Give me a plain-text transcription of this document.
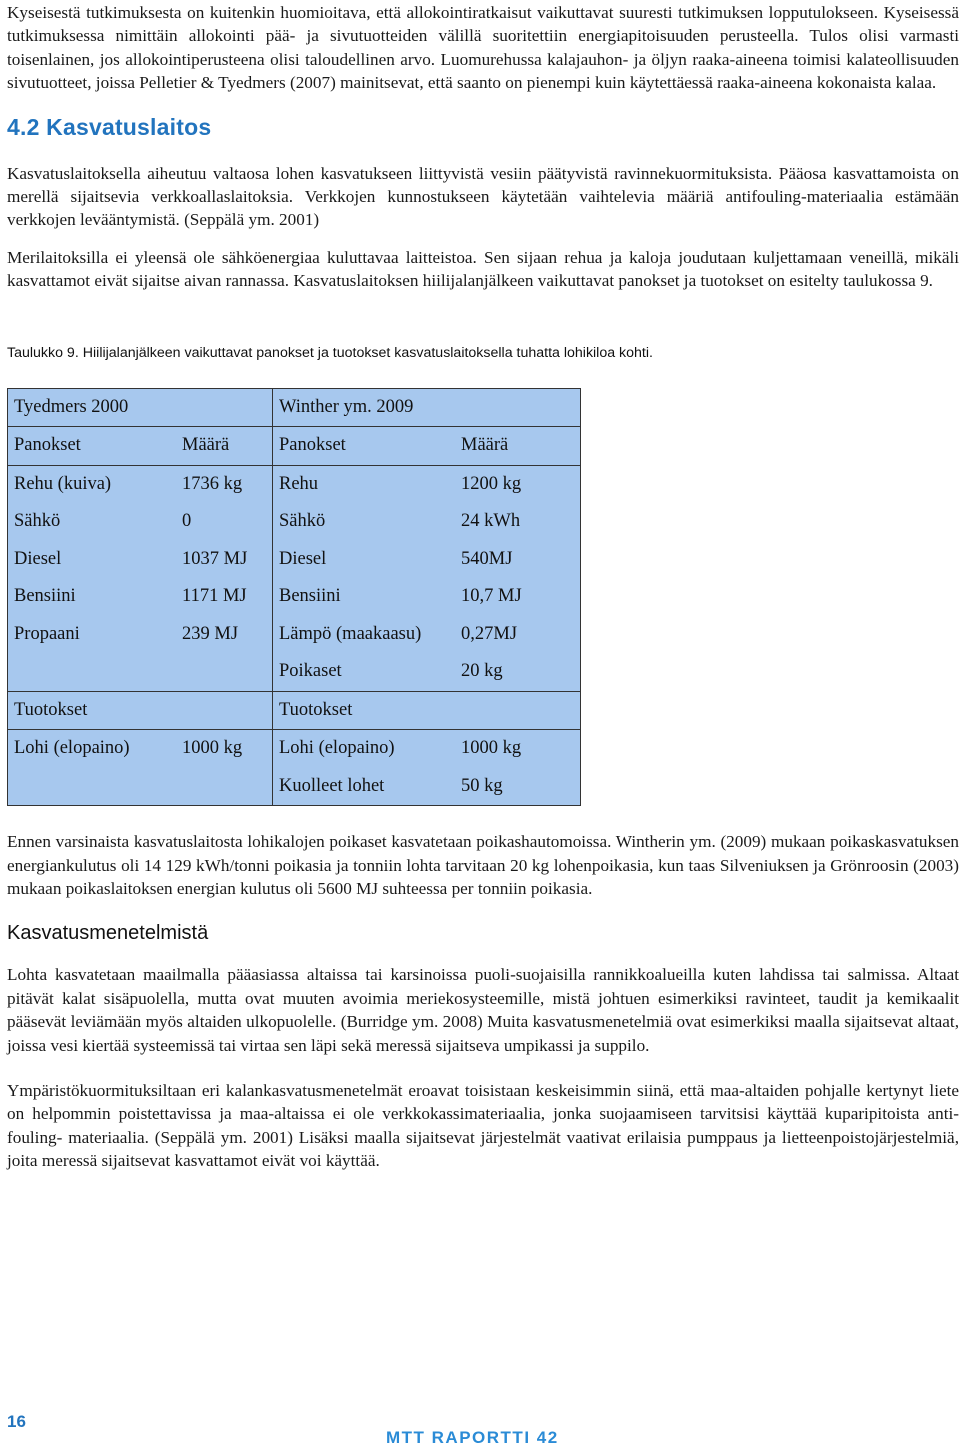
Kyseisestä tutkimuksesta on kuitenkin huomioitava, että allokointiratkaisut vaikuttavat suuresti tutkimuksen lopputulokseen. Kyseisessä tutkimuksessa nimittäin allokointi pää- ja sivutuotteiden välillä suoritettiin energiapitoisuuden perusteella. Tulos olisi varmasti toisenlainen, jos allokointiperusteena olisi taloudellinen arvo. Luomurehussa kalajauhon- ja öljyn raaka-aineena toimisi kalateollisuuden sivutuotteet, joissa Pelletier & Tyedmers (2007) mainitsevat, että saanto on pienempi kuin käytettäessä raaka-aineena kokonaista kalaa.

4.2 Kasvatuslaitos

Kasvatuslaitoksella aiheutuu valtaosa lohen kasvatukseen liittyvistä vesiin päätyvistä ravinnekuormituksista. Pääosa kasvattamoista on merellä sijaitsevia verkkoallaslaitoksia. Verkkojen kunnostukseen käytetään vaihtelevia määriä antifouling-materiaalia estämään verkkojen levääntymistä. (Seppälä ym. 2001)

Merilaitoksilla ei yleensä ole sähköenergiaa kuluttavaa laitteistoa. Sen sijaan rehua ja kaloja joudutaan kuljettamaan veneillä, mikäli kasvattamot eivät sijaitse aivan rannassa. Kasvatuslaitoksen hiilijalanjälkeen vaikuttavat panokset ja tuotokset on esitelty taulukossa 9.

Taulukko 9. Hiilijalanjälkeen vaikuttavat panokset ja tuotokset kasvatuslaitoksella tuhatta lohikiloa kohti.
Tyedmers 2000		Winther ym. 2009	
Panokset	Määrä	Panokset	Määrä
Rehu (kuiva)	1736 kg	Rehu	1200 kg
Sähkö	0	Sähkö	24 kWh
Diesel	1037 MJ	Diesel	540MJ
Bensiini	1171 MJ	Bensiini	10,7 MJ
Propaani	239 MJ	Lämpö (maakaasu)	0,27MJ
		Poikaset	20 kg
Tuotokset		Tuotokset	
Lohi (elopaino)	1000 kg	Lohi (elopaino)	1000 kg
		Kuolleet lohet	50 kg

Ennen varsinaista kasvatuslaitosta lohikalojen poikaset kasvatetaan poikashautomoissa. Wintherin ym. (2009) mukaan poikaskasvatuksen energiankulutus oli 14 129 kWh/tonni poikasia ja tonniin lohta tarvitaan 20 kg lohenpoikasia, kun taas Silveniuksen ja Grönroosin (2003) mukaan poikaslaitoksen energian kulutus oli 5600 MJ suhteessa per tonniin poikasia.

Kasvatusmenetelmistä

Lohta kasvatetaan maailmalla pääasiassa altaissa tai karsinoissa puoli-suojaisilla rannikkoalueilla kuten lahdissa tai salmissa. Altaat pitävät kalat sisäpuolella, mutta ovat muuten avoimia meriekosysteemille, mistä johtuen esimerkiksi ravinteet, taudit ja kemikaalit pääsevät leviämään myös altaiden ulkopuolelle. (Burridge ym. 2008) Muita kasvatusmenetelmiä ovat esimerkiksi maalla sijaitsevat altaat, joissa vesi kiertää systeemissä tai virtaa sen läpi sekä meressä sijaitseva umpikassi ja suppilo.

Ympäristökuormituksiltaan eri kalankasvatusmenetelmät eroavat toisistaan keskeisimmin siinä, että maa-altaiden pohjalle kertynyt liete on helpommin poistettavissa ja maa-altaissa ei ole verkkokassimateriaalia, jonka suojaamiseen tarvitsisi käyttää kuparipitoista anti-fouling- materiaalia. (Seppälä ym. 2001) Lisäksi maalla sijaitsevat järjestelmät vaativat erilaisia pumppaus ja lietteenpoistojärjestelmiä, joita meressä sijaitsevat kasvattamot eivät voi käyttää.

16
MTT RAPORTTI 42
